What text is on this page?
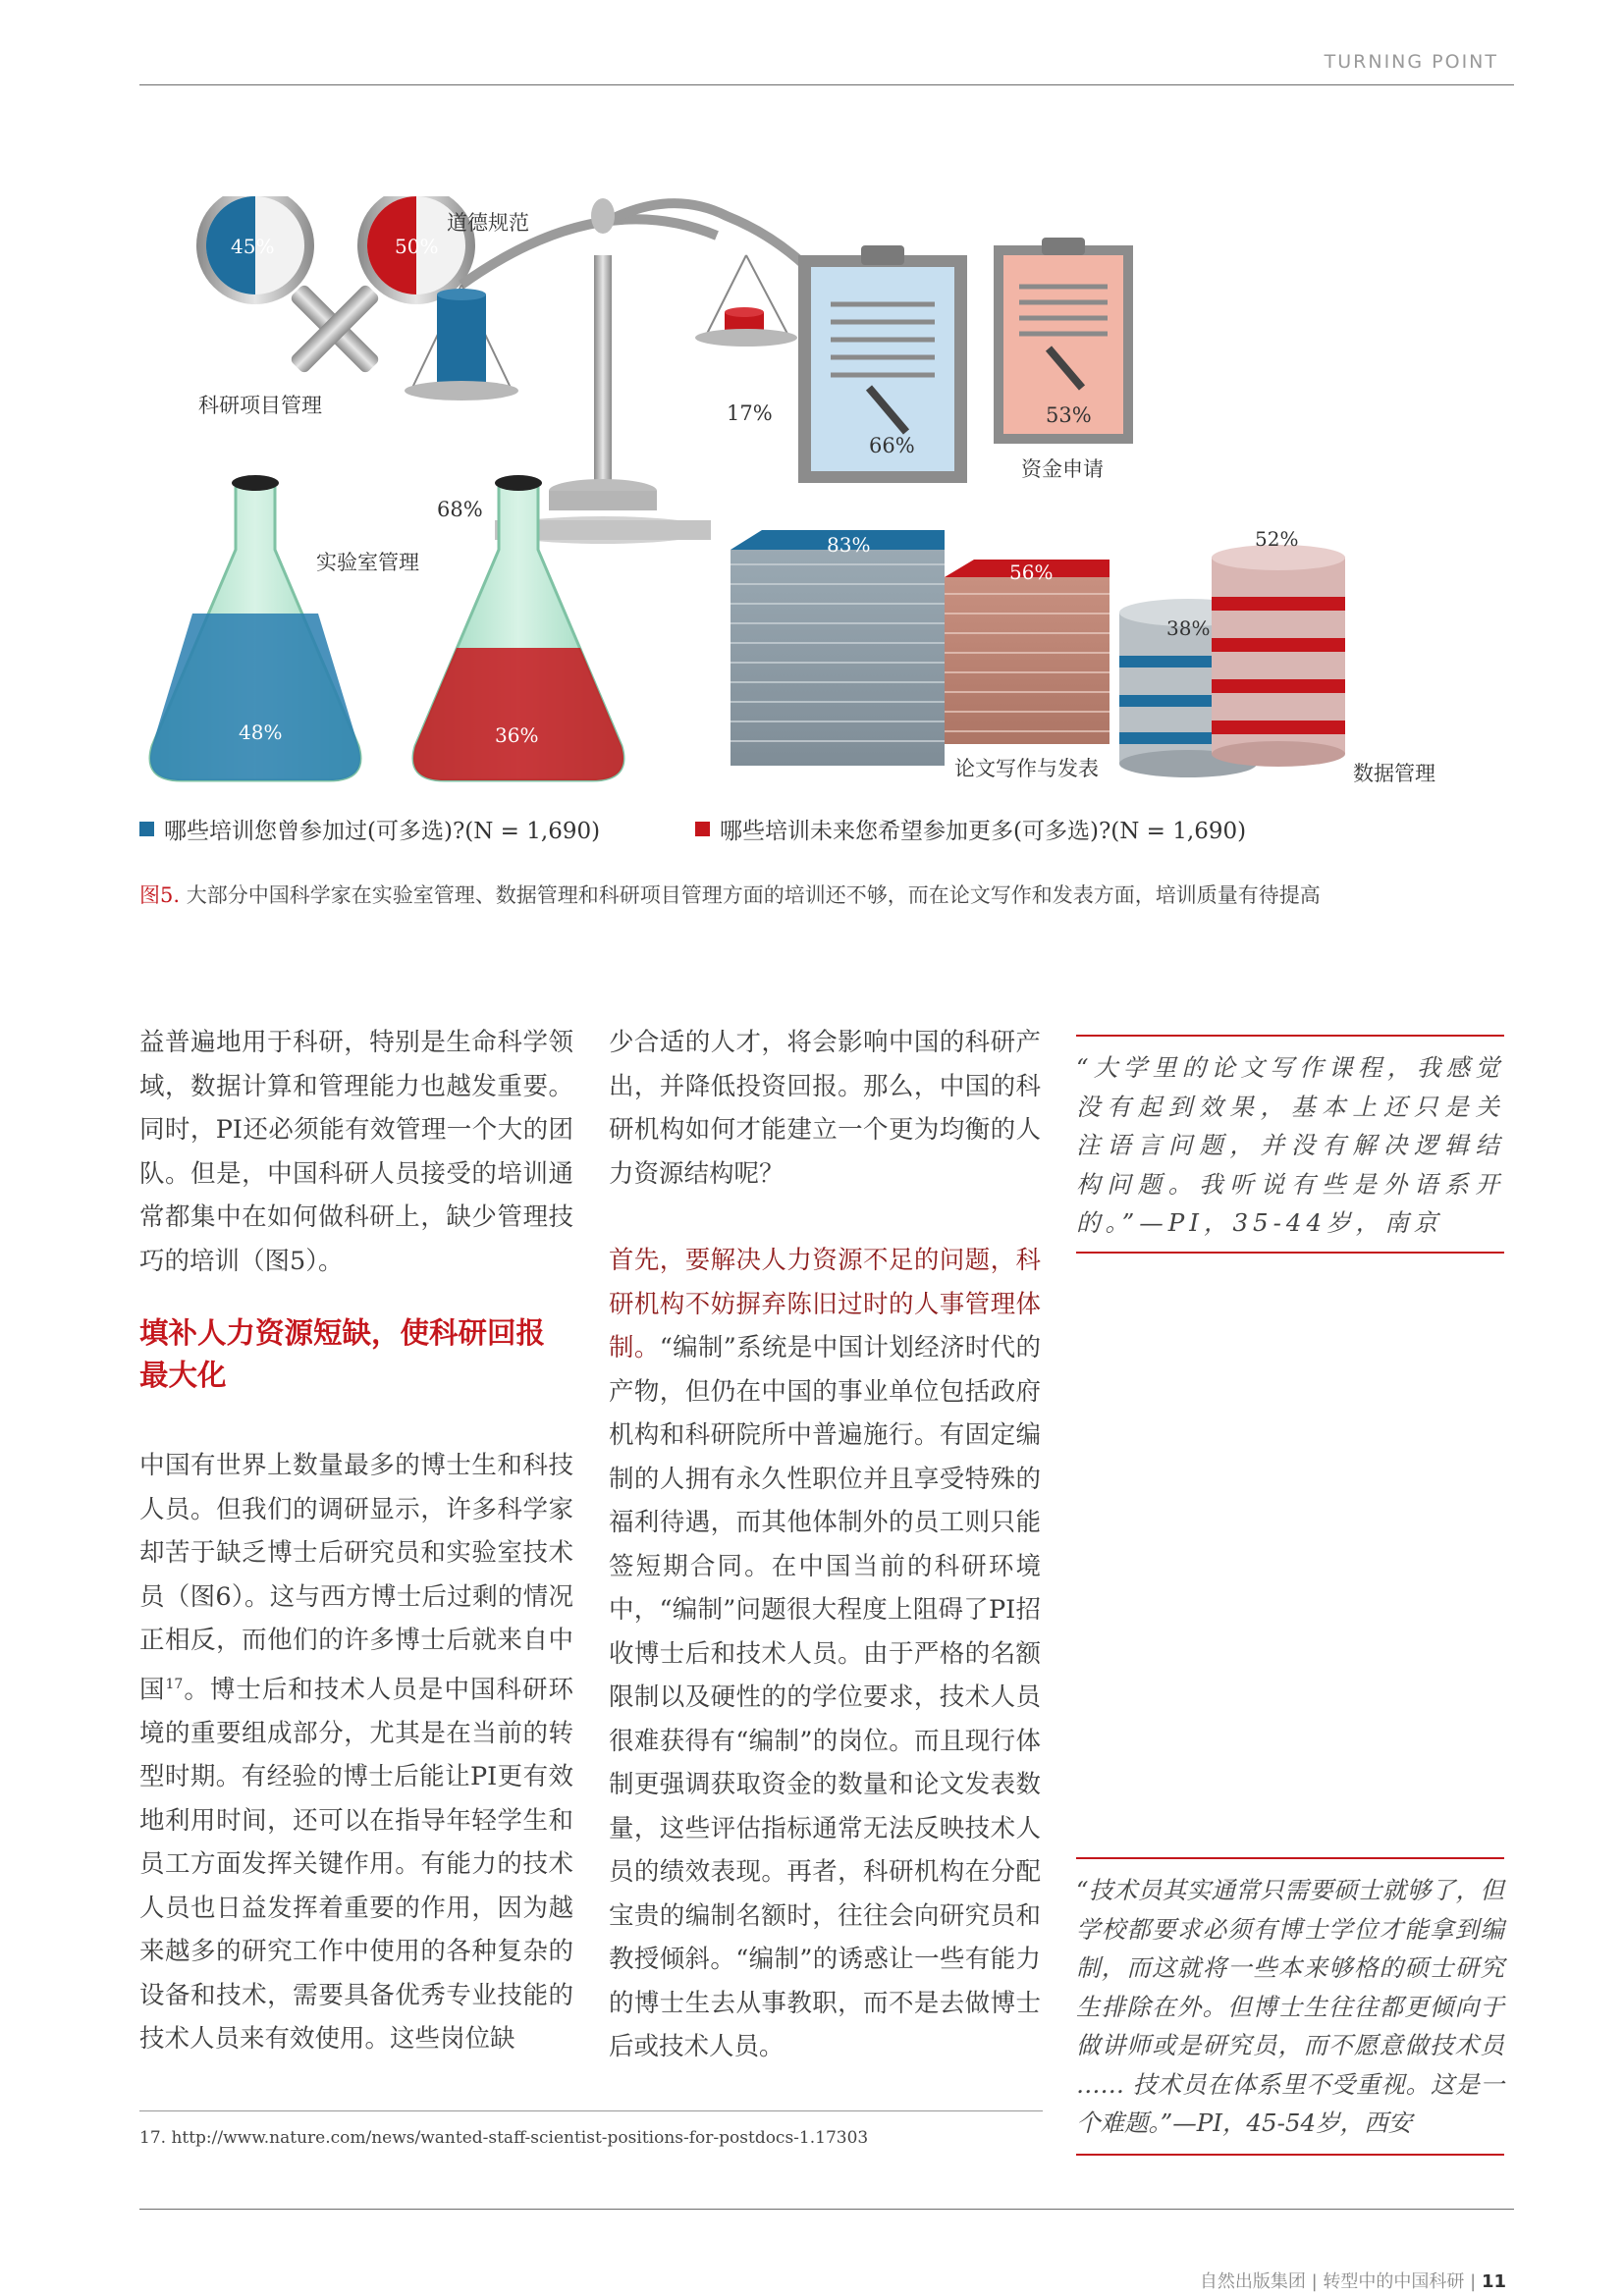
TURNING POINT
45%	50%
科研项目管理
道德规范
68%
17%
66%
53%
资金申请
实验室管理
48%	36%
83%
56%
论文写作与发表
38%
52%
数据管理
哪些培训您曾参加过(可多选)?(N = 1,690)	哪些培训未来您希望参加更多(可多选)?(N = 1,690)
图5. 大部分中国科学家在实验室管理、数据管理和科研项目管理方面的培训还不够，而在论文写作和发表方面，培训质量有待提高

益普遍地用于科研，特别是生命科学领域，数据计算和管理能力也越发重要。同时，PI还必须能有效管理一个大的团队。但是，中国科研人员接受的培训通常都集中在如何做科研上，缺少管理技巧的培训（图5）。

填补人力资源短缺，使科研回报最大化

中国有世界上数量最多的博士生和科技人员。但我们的调研显示，许多科学家却苦于缺乏博士后研究员和实验室技术员（图6）。这与西方博士后过剩的情况正相反，而他们的许多博士后就来自中国$^{17}$。博士后和技术人员是中国科研环境的重要组成部分，尤其是在当前的转型时期。有经验的博士后能让PI更有效地利用时间，还可以在指导年轻学生和员工方面发挥关键作用。有能力的技术人员也日益发挥着重要的作用，因为越来越多的研究工作中使用的各种复杂的设备和技术，需要具备优秀专业技能的技术人员来有效使用。这些岗位缺

少合适的人才，将会影响中国的科研产出，并降低投资回报。那么，中国的科研机构如何才能建立一个更为均衡的人力资源结构呢？

首先，要解决人力资源不足的问题，科研机构不妨摒弃陈旧过时的人事管理体制。“编制”系统是中国计划经济时代的产物，但仍在中国的事业单位包括政府机构和科研院所中普遍施行。有固定编制的人拥有永久性职位并且享受特殊的福利待遇，而其他体制外的员工则只能签短期合同。在中国当前的科研环境中，“编制”问题很大程度上阻碍了PI招收博士后和技术人员。由于严格的名额限制以及硬性的的学位要求，技术人员很难获得有“编制”的岗位。而且现行体制更强调获取资金的数量和论文发表数量，这些评估指标通常无法反映技术人员的绩效表现。再者，科研机构在分配宝贵的编制名额时，往往会向研究员和教授倾斜。“编制”的诱惑让一些有能力的博士生去从事教职，而不是去做博士后或技术人员。

“大学里的论文写作课程，我感觉没有起到效果，基本上还只是关注语言问题，并没有解决逻辑结构问题。我听说有些是外语系开的。”—PI，35-44岁，南京
“技术员其实通常只需要硕士就够了，但学校都要求必须有博士学位才能拿到编制，而这就将一些本来够格的硕士研究生排除在外。但博士生往往都更倾向于做讲师或是研究员，而不愿意做技术员 …… 技术员在体系里不受重视。这是一个难题。”—PI，45-54岁，西安
17. http://www.nature.com/news/wanted-staff-scientist-positions-for-postdocs-1.17303
自然出版集团 | 转型中的中国科研 | 11
